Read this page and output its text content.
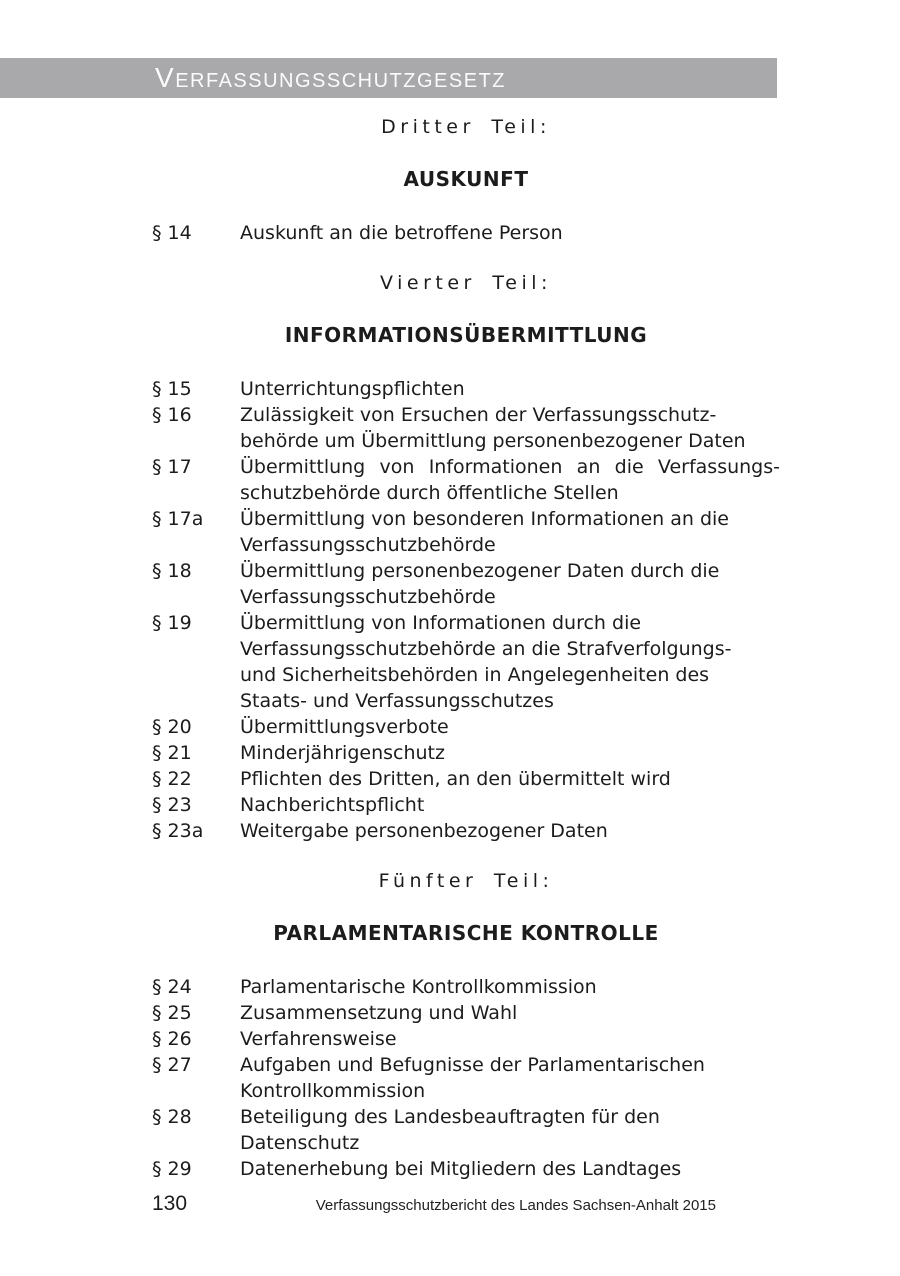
VERFASSUNGSSCHUTZGESETZ
Dritter Teil:
AUSKUNFT
§ 14	Auskunft an die betroffene Person
Vierter Teil:
INFORMATIONSÜBERMITTLUNG
§ 15	Unterrichtungspflichten
§ 16	Zulässigkeit von Ersuchen der Verfassungsschutz-
behörde um Übermittlung personenbezogener Daten
§ 17	Übermittlung von Informationen an die Verfassungs-
schutzbehörde durch öffentliche Stellen
§ 17a	Übermittlung von besonderen Informationen an die
Verfassungsschutzbehörde
§ 18	Übermittlung personenbezogener Daten durch die
Verfassungsschutzbehörde
§ 19	Übermittlung von Informationen durch die
Verfassungsschutzbehörde an die Strafverfolgungs-
und Sicherheitsbehörden in Angelegenheiten des
Staats- und Verfassungsschutzes
§ 20	Übermittlungsverbote
§ 21	Minderjährigenschutz
§ 22	Pflichten des Dritten, an den übermittelt wird
§ 23	Nachberichtspflicht
§ 23a	Weitergabe personenbezogener Daten
Fünfter Teil:
PARLAMENTARISCHE KONTROLLE
§ 24	Parlamentarische Kontrollkommission
§ 25	Zusammensetzung und Wahl
§ 26	Verfahrensweise
§ 27	Aufgaben und Befugnisse der Parlamentarischen
Kontrollkommission
§ 28	Beteiligung des Landesbeauftragten für den
Datenschutz
§ 29	Datenerhebung bei Mitgliedern des Landtages
130	Verfassungsschutzbericht des Landes Sachsen-Anhalt 2015
